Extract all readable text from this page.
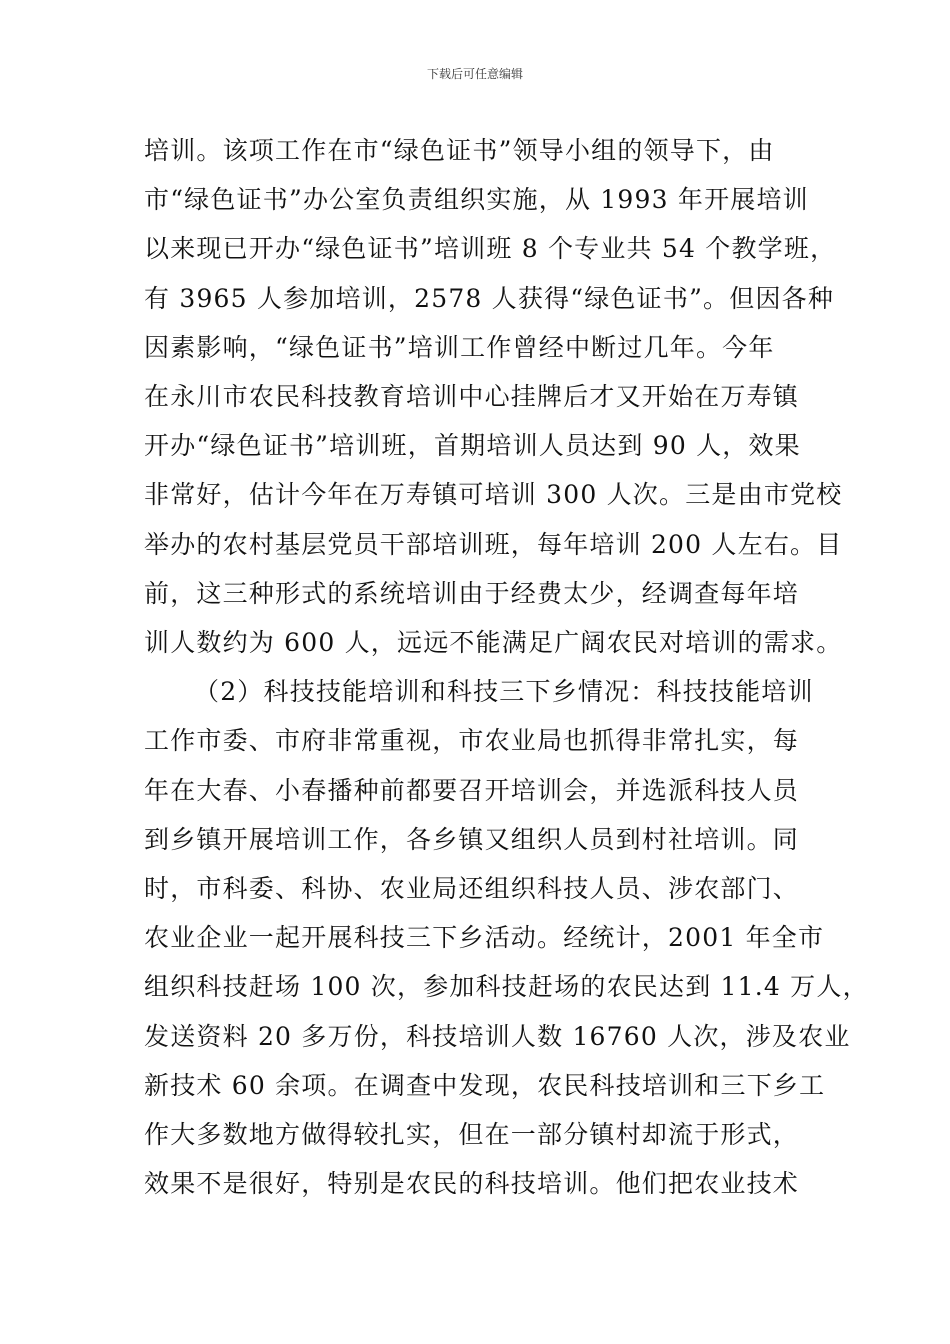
下载后可任意编辑
培训。该项工作在市“绿色证书”领导小组的领导下，由
市“绿色证书”办公室负责组织实施，从 1993 年开展培训
以来现已开办“绿色证书”培训班 8 个专业共 54 个教学班，
有 3965 人参加培训，2578 人获得“绿色证书”。但因各种
因素影响，“绿色证书”培训工作曾经中断过几年。今年
在永川市农民科技教育培训中心挂牌后才又开始在万寿镇
开办“绿色证书”培训班，首期培训人员达到 90 人，效果
非常好，估计今年在万寿镇可培训 300 人次。三是由市党校
举办的农村基层党员干部培训班，每年培训 200 人左右。目
前，这三种形式的系统培训由于经费太少，经调查每年培
训人数约为 600 人，远远不能满足广阔农民对培训的需求。
（2）科技技能培训和科技三下乡情况：科技技能培训
工作市委、市府非常重视，市农业局也抓得非常扎实，每
年在大春、小春播种前都要召开培训会，并选派科技人员
到乡镇开展培训工作，各乡镇又组织人员到村社培训。同
时，市科委、科协、农业局还组织科技人员、涉农部门、
农业企业一起开展科技三下乡活动。经统计，2001 年全市
组织科技赶场 100 次，参加科技赶场的农民达到 11.4 万人，
发送资料 20 多万份，科技培训人数 16760 人次，涉及农业
新技术 60 余项。在调查中发现，农民科技培训和三下乡工
作大多数地方做得较扎实，但在一部分镇村却流于形式，
效果不是很好，特别是农民的科技培训。他们把农业技术
